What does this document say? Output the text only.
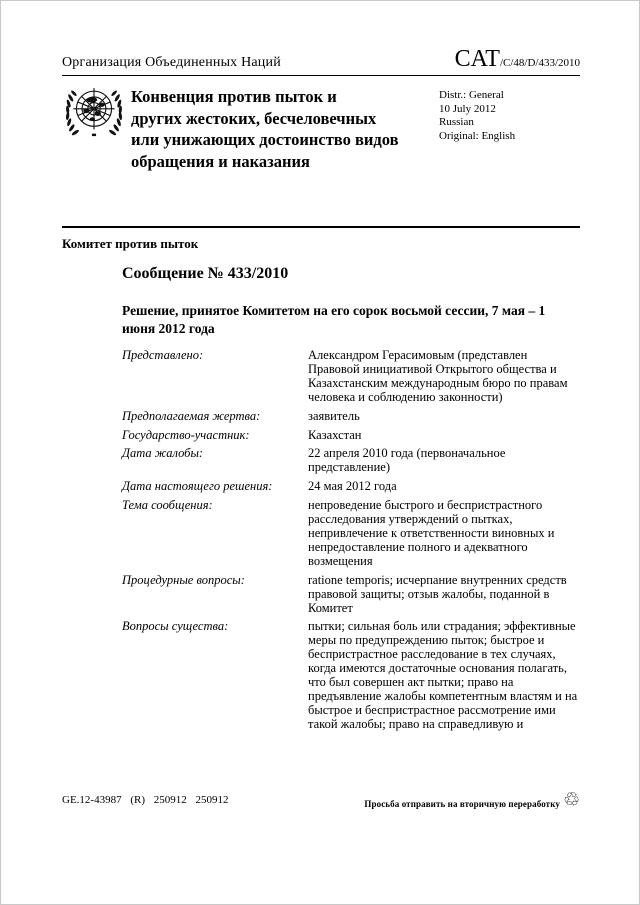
Организация Объединенных Наций	CAT/C/48/D/433/2010
Конвенция против пыток и
других жестоких, бесчеловечных
или унижающих достоинство видов
обращения и наказания
Distr.: General
10 July 2012
Russian
Original: English
Комитет против пыток
Сообщение № 433/2010
Решение, принятое Комитетом на его сорок восьмой сессии, 7 мая – 1 июня 2012 года
Представлено:	Александром Герасимовым (представлен Правовой инициативой Открытого общества и Казахстанским международным бюро по правам человека и соблюдению законности)
Предполагаемая жертва:	заявитель
Государство-участник:	Казахстан
Дата жалобы:	22 апреля 2010 года (первоначальное представление)
Дата настоящего решения:	24 мая 2012 года
Тема сообщения:	непроведение быстрого и беспристрастного расследования утверждений о пытках, непривлечение к ответственности виновных и непредоставление полного и адекватного возмещения
Процедурные вопросы:	ratione temporis; исчерпание внутренних средств правовой защиты; отзыв жалобы, поданной в Комитет
Вопросы существа:	пытки; сильная боль или страдания; эффективные меры по предупреждению пыток; быстрое и беспристрастное расследование в тех случаях, когда имеются достаточные основания полагать, что был совершен акт пытки; право на предъявление жалобы компетентным властям и на быстрое и беспристрастное рассмотрение ими такой жалобы; право на справедливую и
GE.12-43987 (R) 250912 250912	Просьба отправить на вторичную переработку ♲
